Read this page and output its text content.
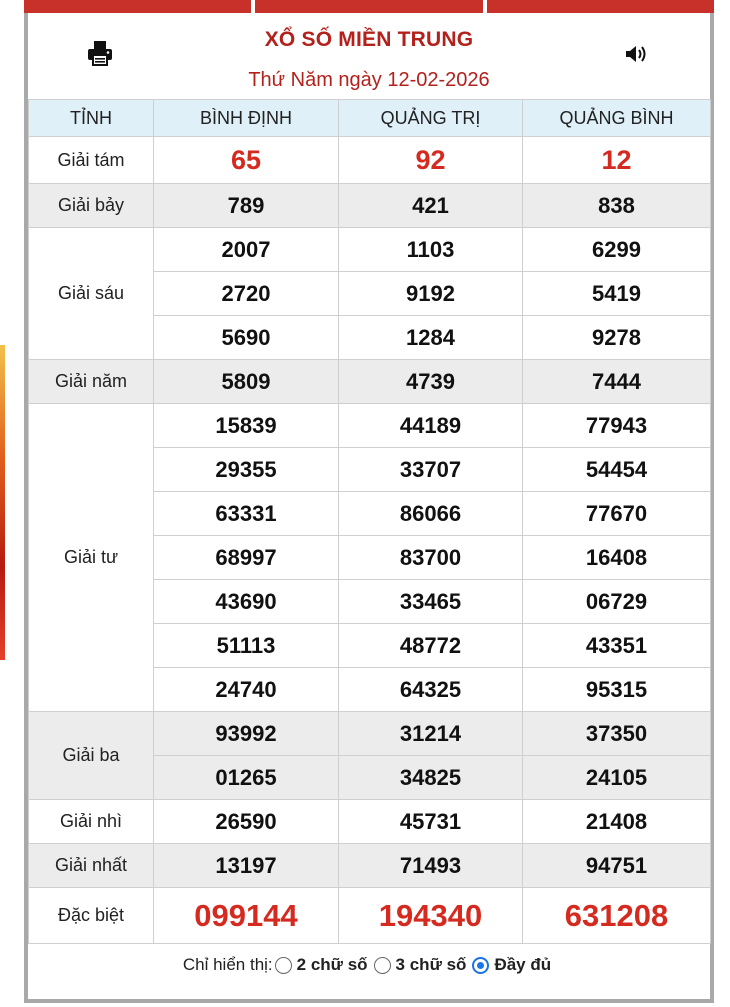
XỔ SỐ MIỀN TRUNG
Thứ Năm ngày 12-02-2026
TỈNH	BÌNH ĐỊNH	QUẢNG TRỊ	QUẢNG BÌNH
Giải tám	65	92	12
Giải bảy	789	421	838
Giải sáu	2007	1103	6299
	2720	9192	5419
	5690	1284	9278
Giải năm	5809	4739	7444
Giải tư	15839	44189	77943
	29355	33707	54454
	63331	86066	77670
	68997	83700	16408
	43690	33465	06729
	51113	48772	43351
	24740	64325	95315
Giải ba	93992	31214	37350
	01265	34825	24105
Giải nhì	26590	45731	21408
Giải nhất	13197	71493	94751
Đặc biệt	099144	194340	631208
Chỉ hiển thị: 2 chữ số 3 chữ số Đầy đủ
